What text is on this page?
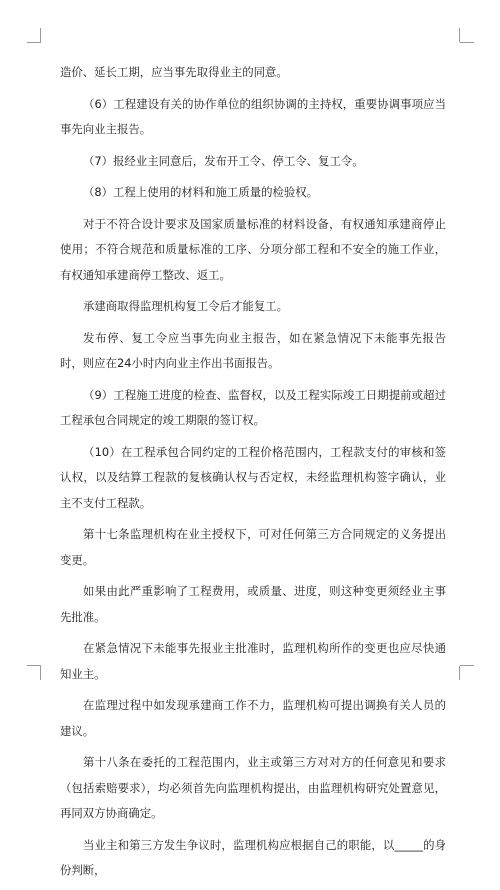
造价、延长工期，应当事先取得业主的同意。

（6）工程建设有关的协作单位的组织协调的主持权，重要协调事项应当事先向业主报告。

（7）报经业主同意后，发布开工令、停工令、复工令。

（8）工程上使用的材料和施工质量的检验权。

对于不符合设计要求及国家质量标准的材料设备，有权通知承建商停止使用；不符合规范和质量标准的工序、分项分部工程和不安全的施工作业，有权通知承建商停工整改、返工。

承建商取得监理机构复工令后才能复工。

发布停、复工令应当事先向业主报告，如在紧急情况下未能事先报告时，则应在24小时内向业主作出书面报告。

（9）工程施工进度的检查、监督权，以及工程实际竣工日期提前或超过工程承包合同规定的竣工期限的签订权。

（10）在工程承包合同约定的工程价格范围内，工程款支付的审核和签认权，以及结算工程款的复核确认权与否定权，未经监理机构签字确认，业主不支付工程款。

第十七条监理机构在业主授权下，可对任何第三方合同规定的义务提出变更。

如果由此严重影响了工程费用，或质量、进度，则这种变更须经业主事先批准。

在紧急情况下未能事先报业主批准时，监理机构所作的变更也应尽快通知业主。

在监理过程中如发现承建商工作不力，监理机构可提出调换有关人员的建议。

第十八条在委托的工程范围内，业主或第三方对对方的任何意见和要求（包括索赔要求），均必须首先向监理机构提出，由监理机构研究处置意见，再同双方协商确定。

当业主和第三方发生争议时，监理机构应根据自己的职能，以_____的身份判断，
